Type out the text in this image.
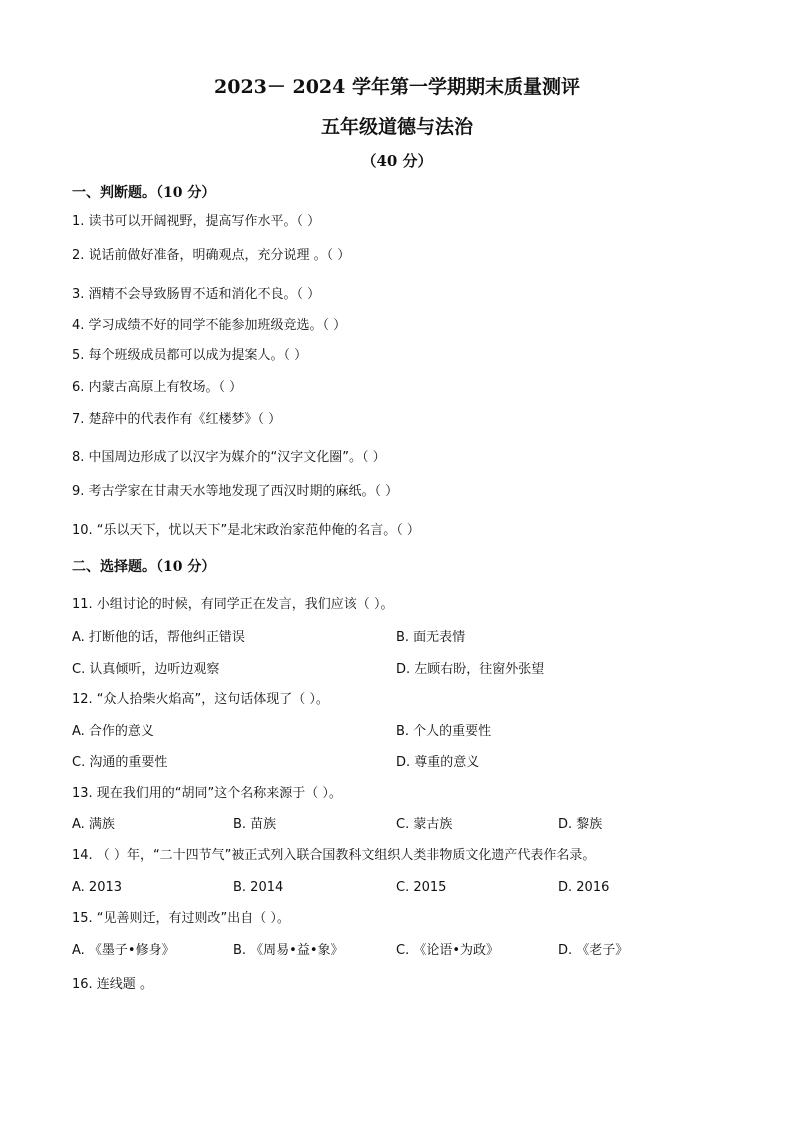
2023－ 2024 学年第一学期期末质量测评
五年级道德与法治
（40 分）
一、判断题。（10 分）
1. 读书可以开阔视野，提高写作水平。（ ）
2. 说话前做好准备，明确观点，充分说理 。（ ）
3. 酒精不会导致肠胃不适和消化不良。（ ）
4. 学习成绩不好的同学不能参加班级竞选。（ ）
5. 每个班级成员都可以成为提案人。（ ）
6. 内蒙古高原上有牧场。（ ）
7. 楚辞中的代表作有《红楼梦》（ ）
8. 中国周边形成了以汉字为媒介的“汉字文化圈”。（ ）
9. 考古学家在甘肃天水等地发现了西汉时期的麻纸。（ ）
10. “乐以天下，忧以天下”是北宋政治家范仲俺的名言。（ ）
二、选择题。（10 分）
11. 小组讨论的时候，有同学正在发言，我们应该（ ）。
A. 打断他的话，帮他纠正错误	B. 面无表情
C. 认真倾听，边听边观察	D. 左顾右盼，往窗外张望
12. “众人拾柴火焰高”，这句话体现了（ ）。
A. 合作的意义	B. 个人的重要性
C. 沟通的重要性	D. 尊重的意义
13. 现在我们用的“胡同”这个名称来源于（ ）。
A. 满族	B. 苗族	C. 蒙古族	D. 黎族
14. （ ）年，“二十四节气”被正式列入联合国教科文组织人类非物质文化遗产代表作名录。
A. 2013	B. 2014	C. 2015	D. 2016
15. “见善则迁，有过则改”出自（ ）。
A. 《墨子•修身》	B. 《周易•益•象》	C. 《论语•为政》	D. 《老子》
16. 连线题 。
